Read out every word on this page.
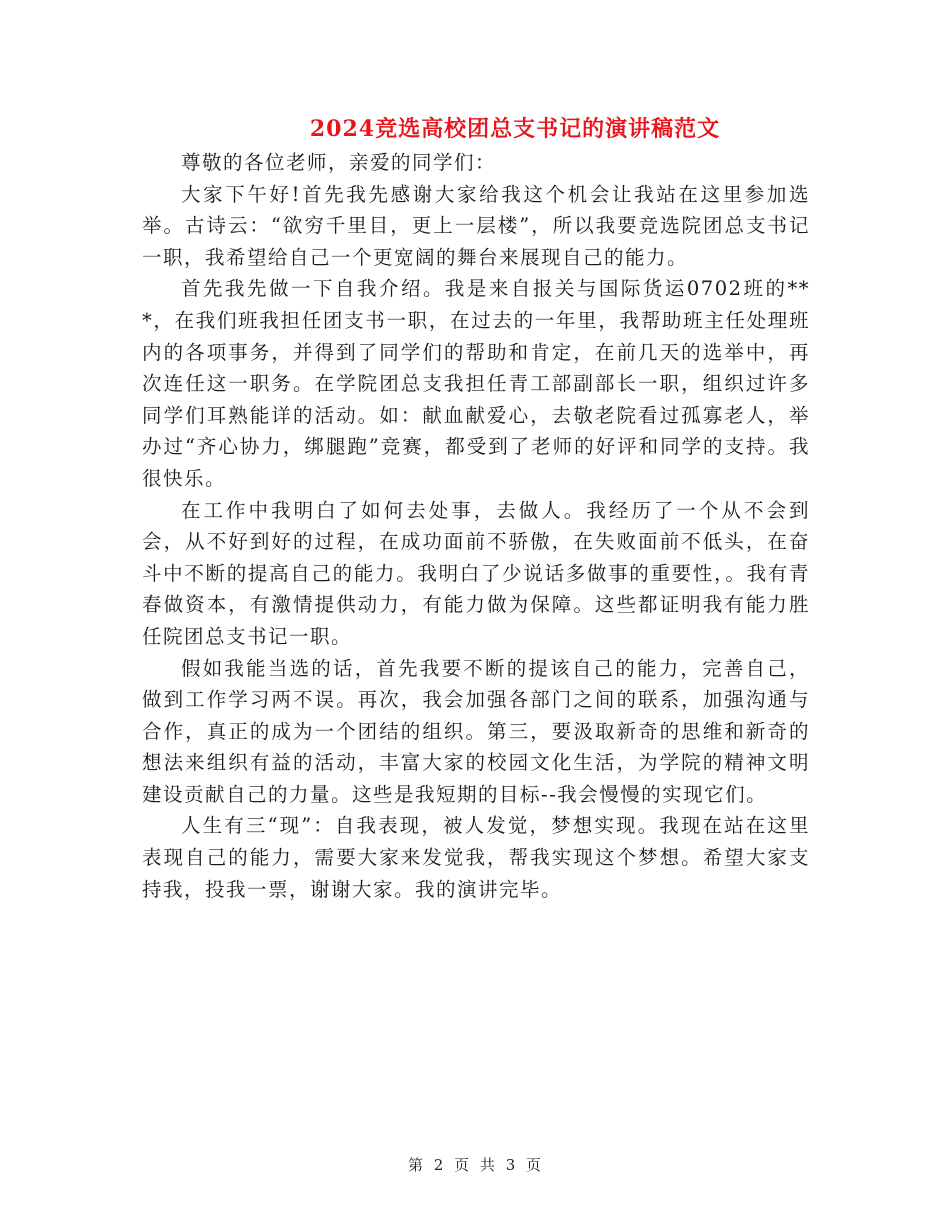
2024竞选高校团总支书记的演讲稿范文

尊敬的各位老师，亲爱的同学们：

大家下午好!首先我先感谢大家给我这个机会让我站在这里参加选举。古诗云：“欲穷千里目，更上一层楼”，所以我要竞选院团总支书记一职，我希望给自己一个更宽阔的舞台来展现自己的能力。

首先我先做一下自我介绍。我是来自报关与国际货运0702班的***，在我们班我担任团支书一职，在过去的一年里，我帮助班主任处理班内的各项事务，并得到了同学们的帮助和肯定，在前几天的选举中，再次连任这一职务。在学院团总支我担任青工部副部长一职，组织过许多同学们耳熟能详的活动。如：献血献爱心，去敬老院看过孤寡老人，举办过“齐心协力，绑腿跑”竞赛，都受到了老师的好评和同学的支持。我很快乐。

在工作中我明白了如何去处事，去做人。我经历了一个从不会到会，从不好到好的过程，在成功面前不骄傲，在失败面前不低头，在奋斗中不断的提高自己的能力。我明白了少说话多做事的重要性，。我有青春做资本，有激情提供动力，有能力做为保障。这些都证明我有能力胜任院团总支书记一职。

假如我能当选的话，首先我要不断的提该自己的能力，完善自己，做到工作学习两不误。再次，我会加强各部门之间的联系，加强沟通与合作，真正的成为一个团结的组织。第三，要汲取新奇的思维和新奇的想法来组织有益的活动，丰富大家的校园文化生活，为学院的精神文明建设贡献自己的力量。这些是我短期的目标--我会慢慢的实现它们。

人生有三“现”：自我表现，被人发觉，梦想实现。我现在站在这里表现自己的能力，需要大家来发觉我，帮我实现这个梦想。希望大家支持我，投我一票，谢谢大家。我的演讲完毕。

第 2 页 共 3 页
